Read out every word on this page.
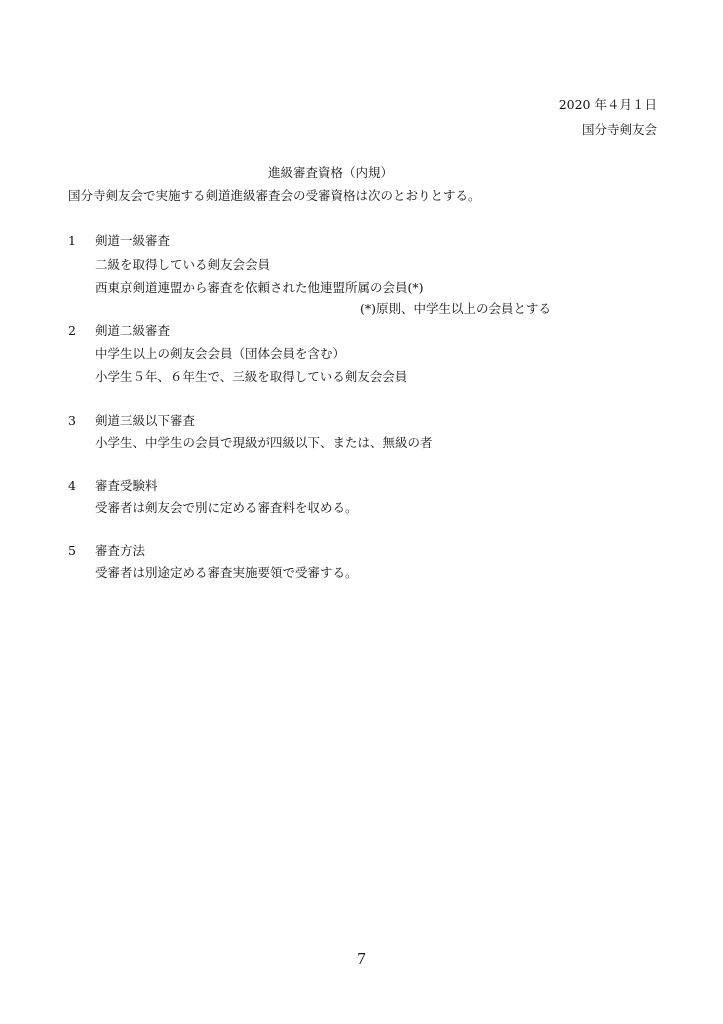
2020 年４月１日
国分寺剣友会
進級審査資格（内規）
国分寺剣友会で実施する剣道進級審査会の受審資格は次のとおりとする。
1 剣道一級審査
二級を取得している剣友会会員
西東京剣道連盟から審査を依頼された他連盟所属の会員(*)
(*)原則、中学生以上の会員とする
2 剣道二級審査
中学生以上の剣友会会員（団体会員を含む）
小学生５年、６年生で、三級を取得している剣友会会員
3 剣道三級以下審査
小学生、中学生の会員で現級が四級以下、または、無級の者
4 審査受験料
受審者は剣友会で別に定める審査料を収める。
5 審査方法
受審者は別途定める審査実施要領で受審する。
7
